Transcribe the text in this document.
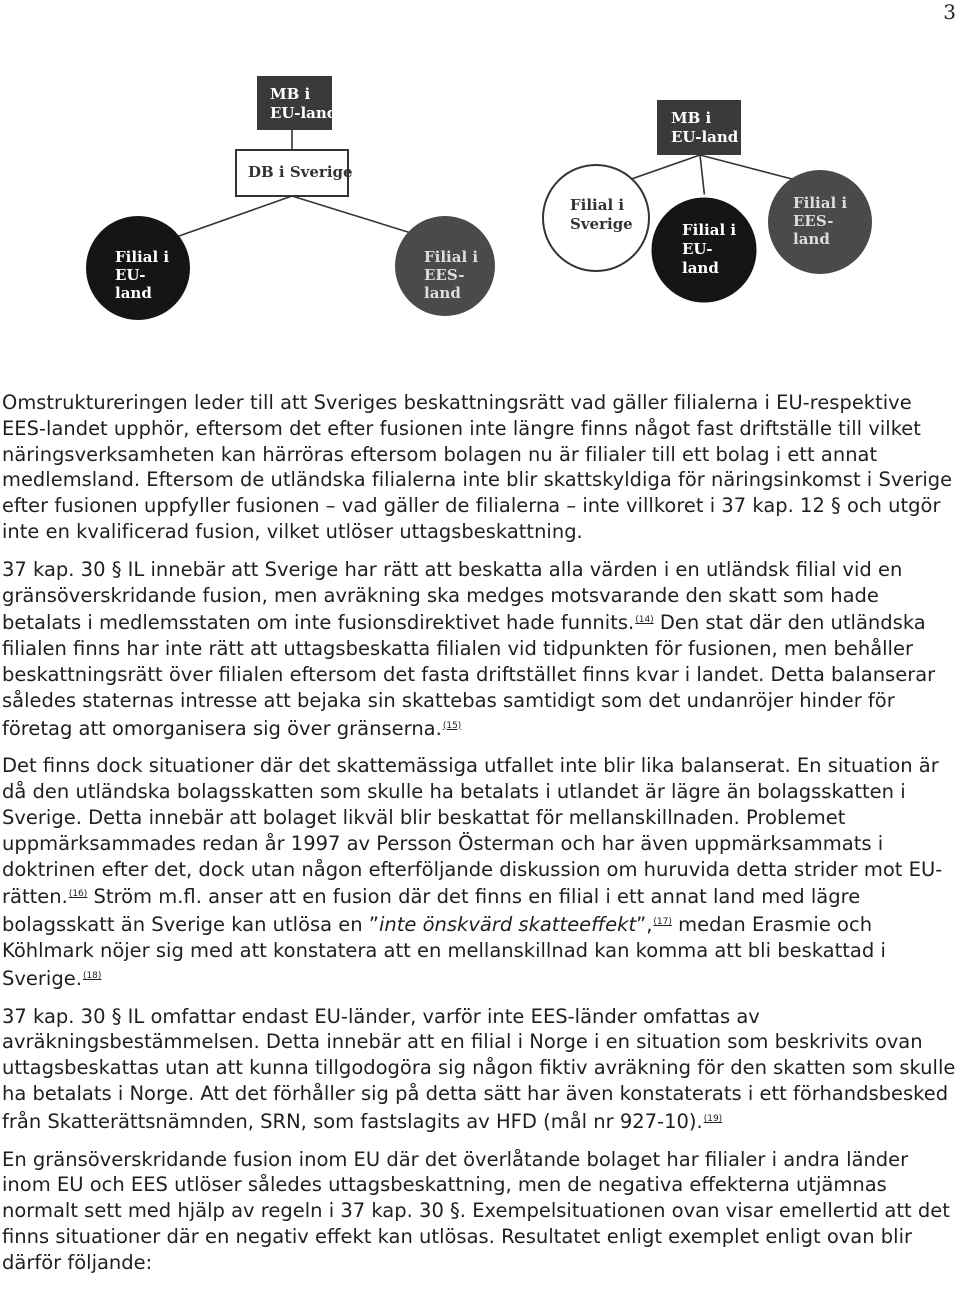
3
MB i
EU-land
DB i Sverige
Filial i
EU-
land
Filial i
EES-
land
MB i
EU-land
Filial i
Sverige
Filial i
EES-
land
Filial i
EU-
land

Omstruktureringen leder till att Sveriges beskattningsrätt vad gäller filialerna i EU-respektive EES-landet upphör, eftersom det efter fusionen inte längre finns något fast driftställe till vilket näringsverksamheten kan härröras eftersom bolagen nu är filialer till ett bolag i ett annat medlemsland. Eftersom de utländska filialerna inte blir skattskyldiga för näringsinkomst i Sverige efter fusionen uppfyller fusionen – vad gäller de filialerna – inte villkoret i 37 kap. 12 § och utgör inte en kvalificerad fusion, vilket utlöser uttagsbeskattning.

37 kap. 30 § IL innebär att Sverige har rätt att beskatta alla värden i en utländsk filial vid en gränsöverskridande fusion, men avräkning ska medges motsvarande den skatt som hade betalats i medlemsstaten om inte fusionsdirektivet hade funnits.$^{(14)}$ Den stat där den utländska filialen finns har inte rätt att uttagsbeskatta filialen vid tidpunkten för fusionen, men behåller beskattningsrätt över filialen eftersom det fasta driftstället finns kvar i landet. Detta balanserar således staternas intresse att bejaka sin skattebas samtidigt som det undanröjer hinder för företag att omorganisera sig över gränserna.$^{(15)}$

Det finns dock situationer där det skattemässiga utfallet inte blir lika balanserat. En situation är då den utländska bolagsskatten som skulle ha betalats i utlandet är lägre än bolagsskatten i Sverige. Detta innebär att bolaget likväl blir beskattat för mellanskillnaden. Problemet uppmärksammades redan år 1997 av Persson Österman och har även uppmärksammats i doktrinen efter det, dock utan någon efterföljande diskussion om huruvida detta strider mot EU-rätten.$^{(16)}$ Ström m.fl. anser att en fusion där det finns en filial i ett annat land med lägre bolagsskatt än Sverige kan utlösa en ”inte önskvärd skatteeffekt”,$^{(17)}$ medan Erasmie och Köhlmark nöjer sig med att konstatera att en mellanskillnad kan komma att bli beskattad i Sverige.$^{(18)}$

37 kap. 30 § IL omfattar endast EU-länder, varför inte EES-länder omfattas av avräkningsbestämmelsen. Detta innebär att en filial i Norge i en situation som beskrivits ovan uttagsbeskattas utan att kunna tillgodogöra sig någon fiktiv avräkning för den skatten som skulle ha betalats i Norge. Att det förhåller sig på detta sätt har även konstaterats i ett förhandsbesked från Skatterättsnämnden, SRN, som fastslagits av HFD (mål nr 927-10).$^{(19)}$

En gränsöverskridande fusion inom EU där det överlåtande bolaget har filialer i andra länder inom EU och EES utlöser således uttagsbeskattning, men de negativa effekterna utjämnas normalt sett med hjälp av regeln i 37 kap. 30 §. Exempelsituationen ovan visar emellertid att det finns situationer där en negativ effekt kan utlösas. Resultatet enligt exemplet enligt ovan blir därför följande:
